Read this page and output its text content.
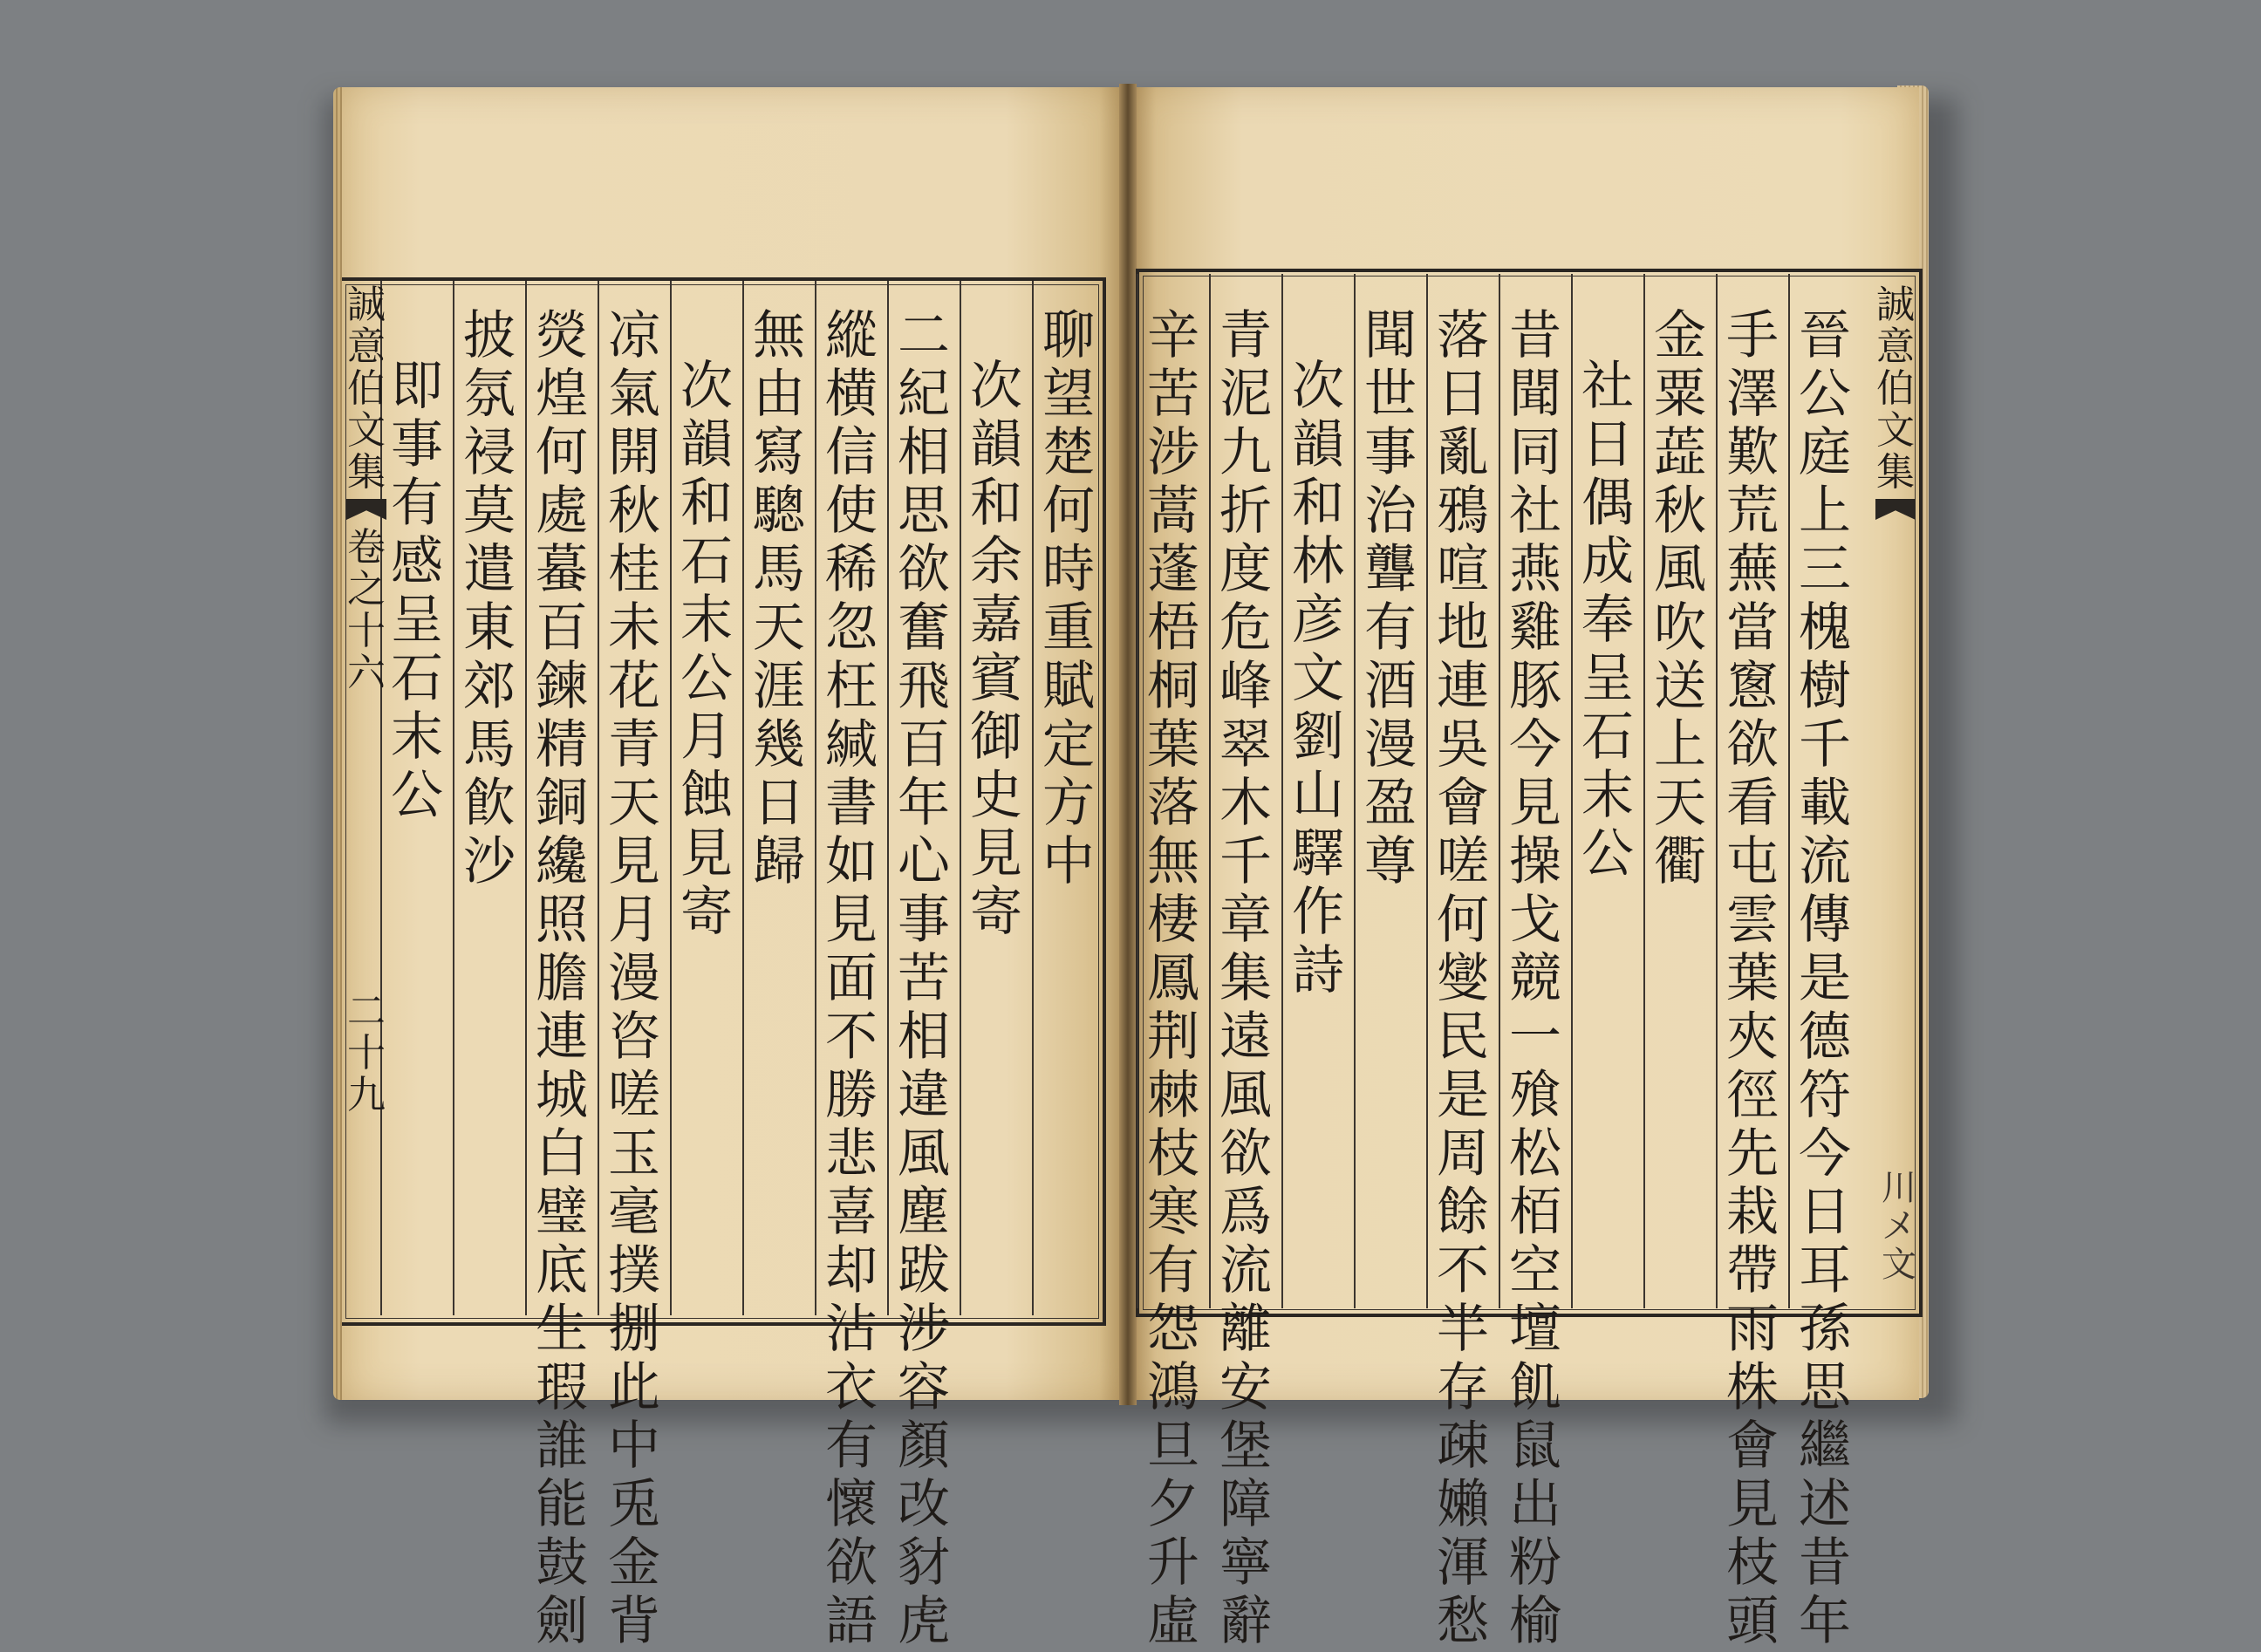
聊
望
楚
何
時
重
賦
定
方
中
次
韻
和
余
嘉
賓
御
史
見
寄
二
紀
相
思
欲
奮
飛
百
年
心
事
苦
相
違
風
塵
跋
涉
容
顏
改
豺
虎
縱
横
信
使
稀
忽
枉
緘
書
如
見
面
不
勝
悲
喜
却
沾
衣
有
懷
欲
語
無
由
寫
驄
馬
天
涯
幾
日
歸
次
韻
和
石
末
公
月
蝕
見
寄
凉
氣
開
秋
桂
未
花
青
天
見
月
漫
咨
嗟
玉
毫
撲
捌
此
中
兎
金
背
熒
煌
何
處
蟇
百
鍊
精
銅
纔
照
膽
連
城
白
璧
底
生
瑕
誰
能
鼓
劍
披
氛
祲
莫
遣
東
郊
馬
飮
沙
即
事
有
感
呈
石
末
公
晉
公
庭
上
三
槐
樹
千
載
流
傳
是
德
符
今
日
耳
孫
思
繼
述
昔
年
手
澤
歎
荒
蕪
當
窻
欲
看
屯
雲
葉
夾
徑
先
栽
帶
雨
株
會
見
枝
頭
金
粟
蕋
秋
風
吹
送
上
天
衢
社
日
偶
成
奉
呈
石
末
公
昔
聞
同
社
燕
雞
豚
今
見
操
戈
競
一
飱
松
栢
空
壇
飢
鼠
出
粉
榆
落
日
亂
鴉
喧
地
連
吳
會
嗟
何
燮
民
是
周
餘
不
半
存
疎
嬾
渾
愁
聞
世
事
治
聾
有
酒
漫
盈
尊
次
韻
和
林
彦
文
劉
山
驛
作
詩
青
泥
九
折
度
危
峰
翠
木
千
章
集
遠
風
欲
爲
流
離
安
堡
障
寧
辭
辛
苦
涉
蒿
蓬
梧
桐
葉
落
無
棲
鳳
荆
棘
枝
寒
有
怨
鴻
旦
夕
升
虛
誠
意
伯
文
集
卷
之
十
六
二
十
九
誠
意
伯
文
集
川
メ
文
